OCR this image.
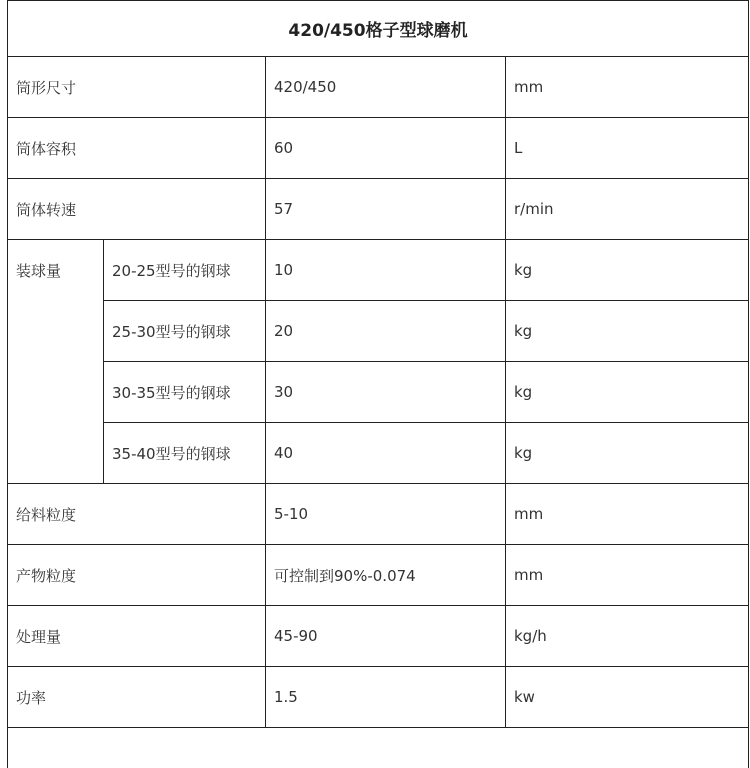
420/450格子型球磨机			
筒形尺寸		420/450	mm
筒体容积		60	L
筒体转速		57	r/min
装球量	20-25型号的钢球	10	kg
	25-30型号的钢球	20	kg
	30-35型号的钢球	30	kg
	35-40型号的钢球	40	kg
给料粒度		5-10	mm
产物粒度		可控制到90%-0.074	mm
处理量		45-90	kg/h
功率		1.5	kw
